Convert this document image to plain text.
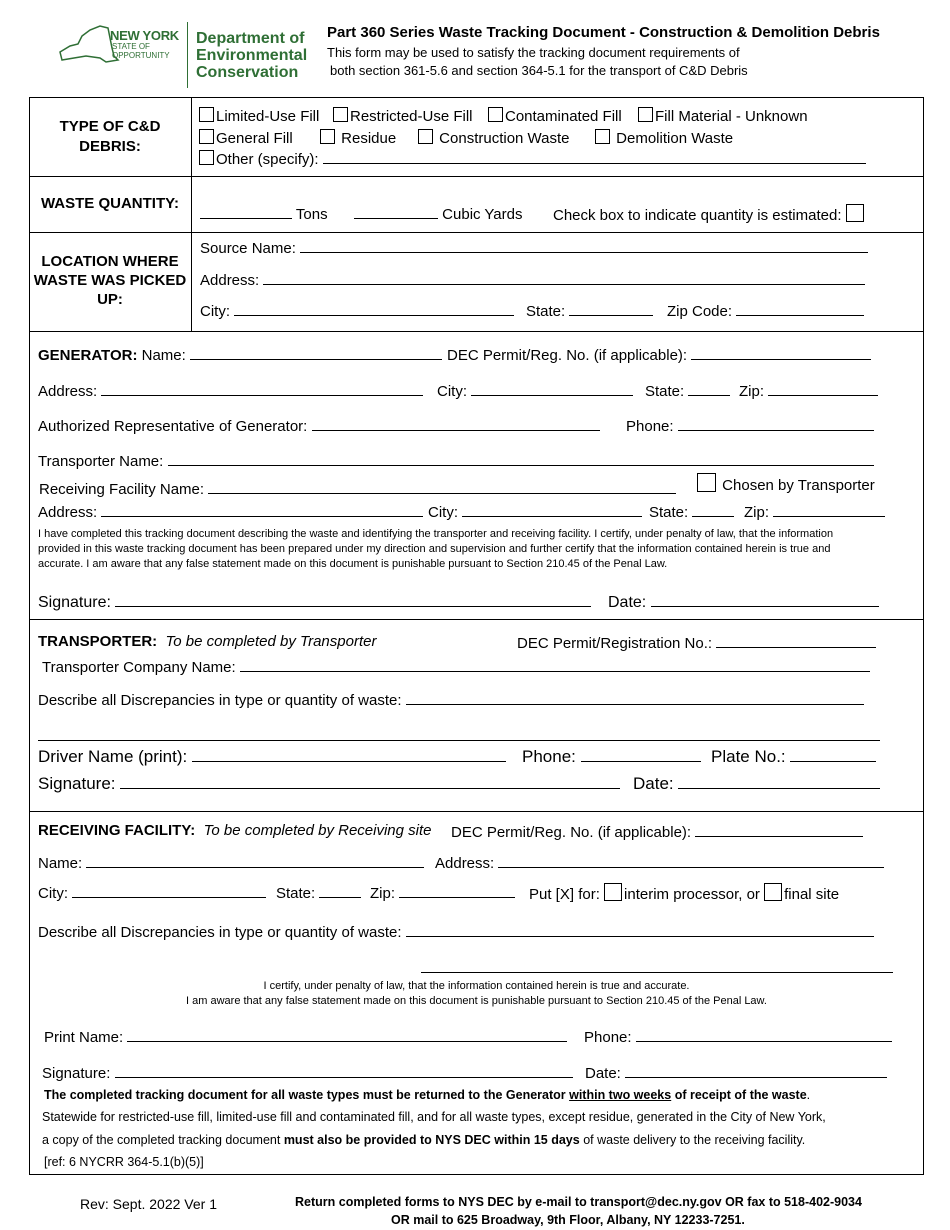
NEW YORK
STATE OF
OPPORTUNITY
Department of
Environmental
Conservation
Part 360 Series Waste Tracking Document - Construction & Demolition Debris
This form may be used to satisfy the tracking document requirements of
both section 361-5.6 and section 364-5.1 for the transport of C&D Debris
TYPE OF C&D
DEBRIS:
Limited-Use Fill	Restricted-Use Fill	Contaminated Fill	Fill Material - Unknown
General Fill	Residue	Construction Waste	Demolition Waste
Other (specify):
WASTE QUANTITY:
Tons	Cubic Yards Check box to indicate quantity is estimated:
LOCATION WHERE
WASTE WAS PICKED
UP:
Source Name:
Address:
City:	State:	Zip Code:
GENERATOR: Name:	DEC Permit/Reg. No. (if applicable):
Address:	City:	State:	Zip:
Authorized Representative of Generator:	Phone:
Transporter Name:
Receiving Facility Name:	Chosen by Transporter
Address:	City:	State:	Zip:
I have completed this tracking document describing the waste and identifying the transporter and receiving facility. I certify, under penalty of law, that the information
provided in this waste tracking document has been prepared under my direction and supervision and further certify that the information contained herein is true and
accurate. I am aware that any false statement made on this document is punishable pursuant to Section 210.45 of the Penal Law.
Signature:	Date:
TRANSPORTER: To be completed by Transporter	DEC Permit/Registration No.:
Transporter Company Name:
Describe all Discrepancies in type or quantity of waste:
Driver Name (print):	Phone:	Plate No.:
Signature:	Date:
RECEIVING FACILITY: To be completed by Receiving site DEC Permit/Reg. No. (if applicable):
Name:	Address:
City:	State:	Zip:	Put [X] for: interim processor, or final site
Describe all Discrepancies in type or quantity of waste:
I certify, under penalty of law, that the information contained herein is true and accurate.
I am aware that any false statement made on this document is punishable pursuant to Section 210.45 of the Penal Law.
Print Name:	Phone:
Signature:	Date:
The completed tracking document for all waste types must be returned to the Generator within two weeks of receipt of the waste.
Statewide for restricted-use fill, limited-use fill and contaminated fill, and for all waste types, except residue, generated in the City of New York,
a copy of the completed tracking document must also be provided to NYS DEC within 15 days of waste delivery to the receiving facility.
[ref: 6 NYCRR 364-5.1(b)(5)]
Rev: Sept. 2022 Ver 1	Return completed forms to NYS DEC by e-mail to transport@dec.ny.gov OR fax to 518-402-9034
OR mail to 625 Broadway, 9th Floor, Albany, NY 12233-7251.
